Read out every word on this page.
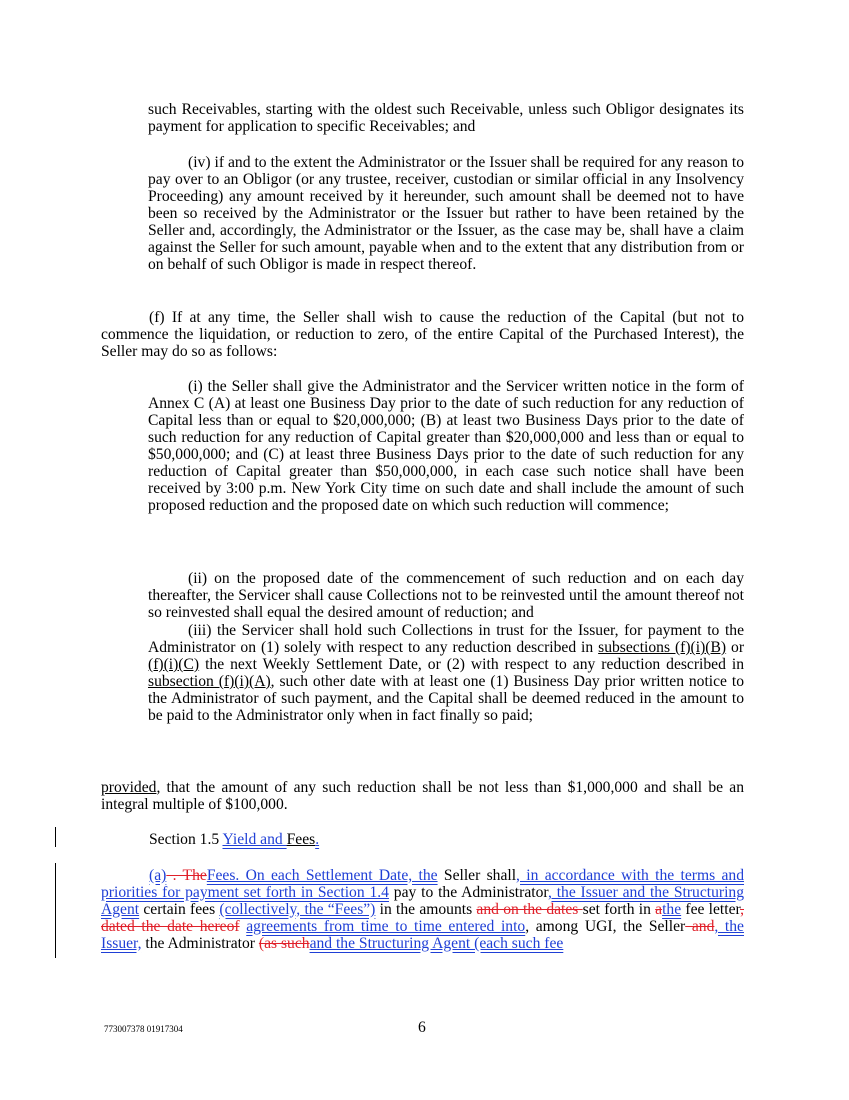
such Receivables, starting with the oldest such Receivable, unless such Obligor designates its payment for application to specific Receivables; and

(iv) if and to the extent the Administrator or the Issuer shall be required for any reason to pay over to an Obligor (or any trustee, receiver, custodian or similar official in any Insolvency Proceeding) any amount received by it hereunder, such amount shall be deemed not to have been so received by the Administrator or the Issuer but rather to have been retained by the Seller and, accordingly, the Administrator or the Issuer, as the case may be, shall have a claim against the Seller for such amount, payable when and to the extent that any distribution from or on behalf of such Obligor is made in respect thereof.

(f) If at any time, the Seller shall wish to cause the reduction of the Capital (but not to commence the liquidation, or reduction to zero, of the entire Capital of the Purchased Interest), the Seller may do so as follows:

(i) the Seller shall give the Administrator and the Servicer written notice in the form of Annex C (A) at least one Business Day prior to the date of such reduction for any reduction of Capital less than or equal to $20,000,000; (B) at least two Business Days prior to the date of such reduction for any reduction of Capital greater than $20,000,000 and less than or equal to $50,000,000; and (C) at least three Business Days prior to the date of such reduction for any reduction of Capital greater than $50,000,000, in each case such notice shall have been received by 3:00 p.m. New York City time on such date and shall include the amount of such proposed reduction and the proposed date on which such reduction will commence;

(ii) on the proposed date of the commencement of such reduction and on each day thereafter, the Servicer shall cause Collections not to be reinvested until the amount thereof not so reinvested shall equal the desired amount of reduction; and

(iii) the Servicer shall hold such Collections in trust for the Issuer, for payment to the Administrator on (1) solely with respect to any reduction described in subsections (f)(i)(B) or (f)(i)(C) the next Weekly Settlement Date, or (2) with respect to any reduction described in subsection (f)(i)(A), such other date with at least one (1) Business Day prior written notice to the Administrator of such payment, and the Capital shall be deemed reduced in the amount to be paid to the Administrator only when in fact finally so paid;

provided, that the amount of any such reduction shall be not less than $1,000,000 and shall be an integral multiple of $100,000.

Section 1.5 Yield and Fees.

(a) . TheFees. On each Settlement Date, the Seller shall, in accordance with the terms and priorities for payment set forth in Section 1.4 pay to the Administrator, the Issuer and the Structuring Agent certain fees (collectively, the “Fees”) in the amounts and on the dates set forth in athe fee letter, dated the date hereof agreements from time to time entered into, among UGI, the Seller and, the Issuer, the Administrator (as suchand the Structuring Agent (each such fee

773007378 01917304	6
